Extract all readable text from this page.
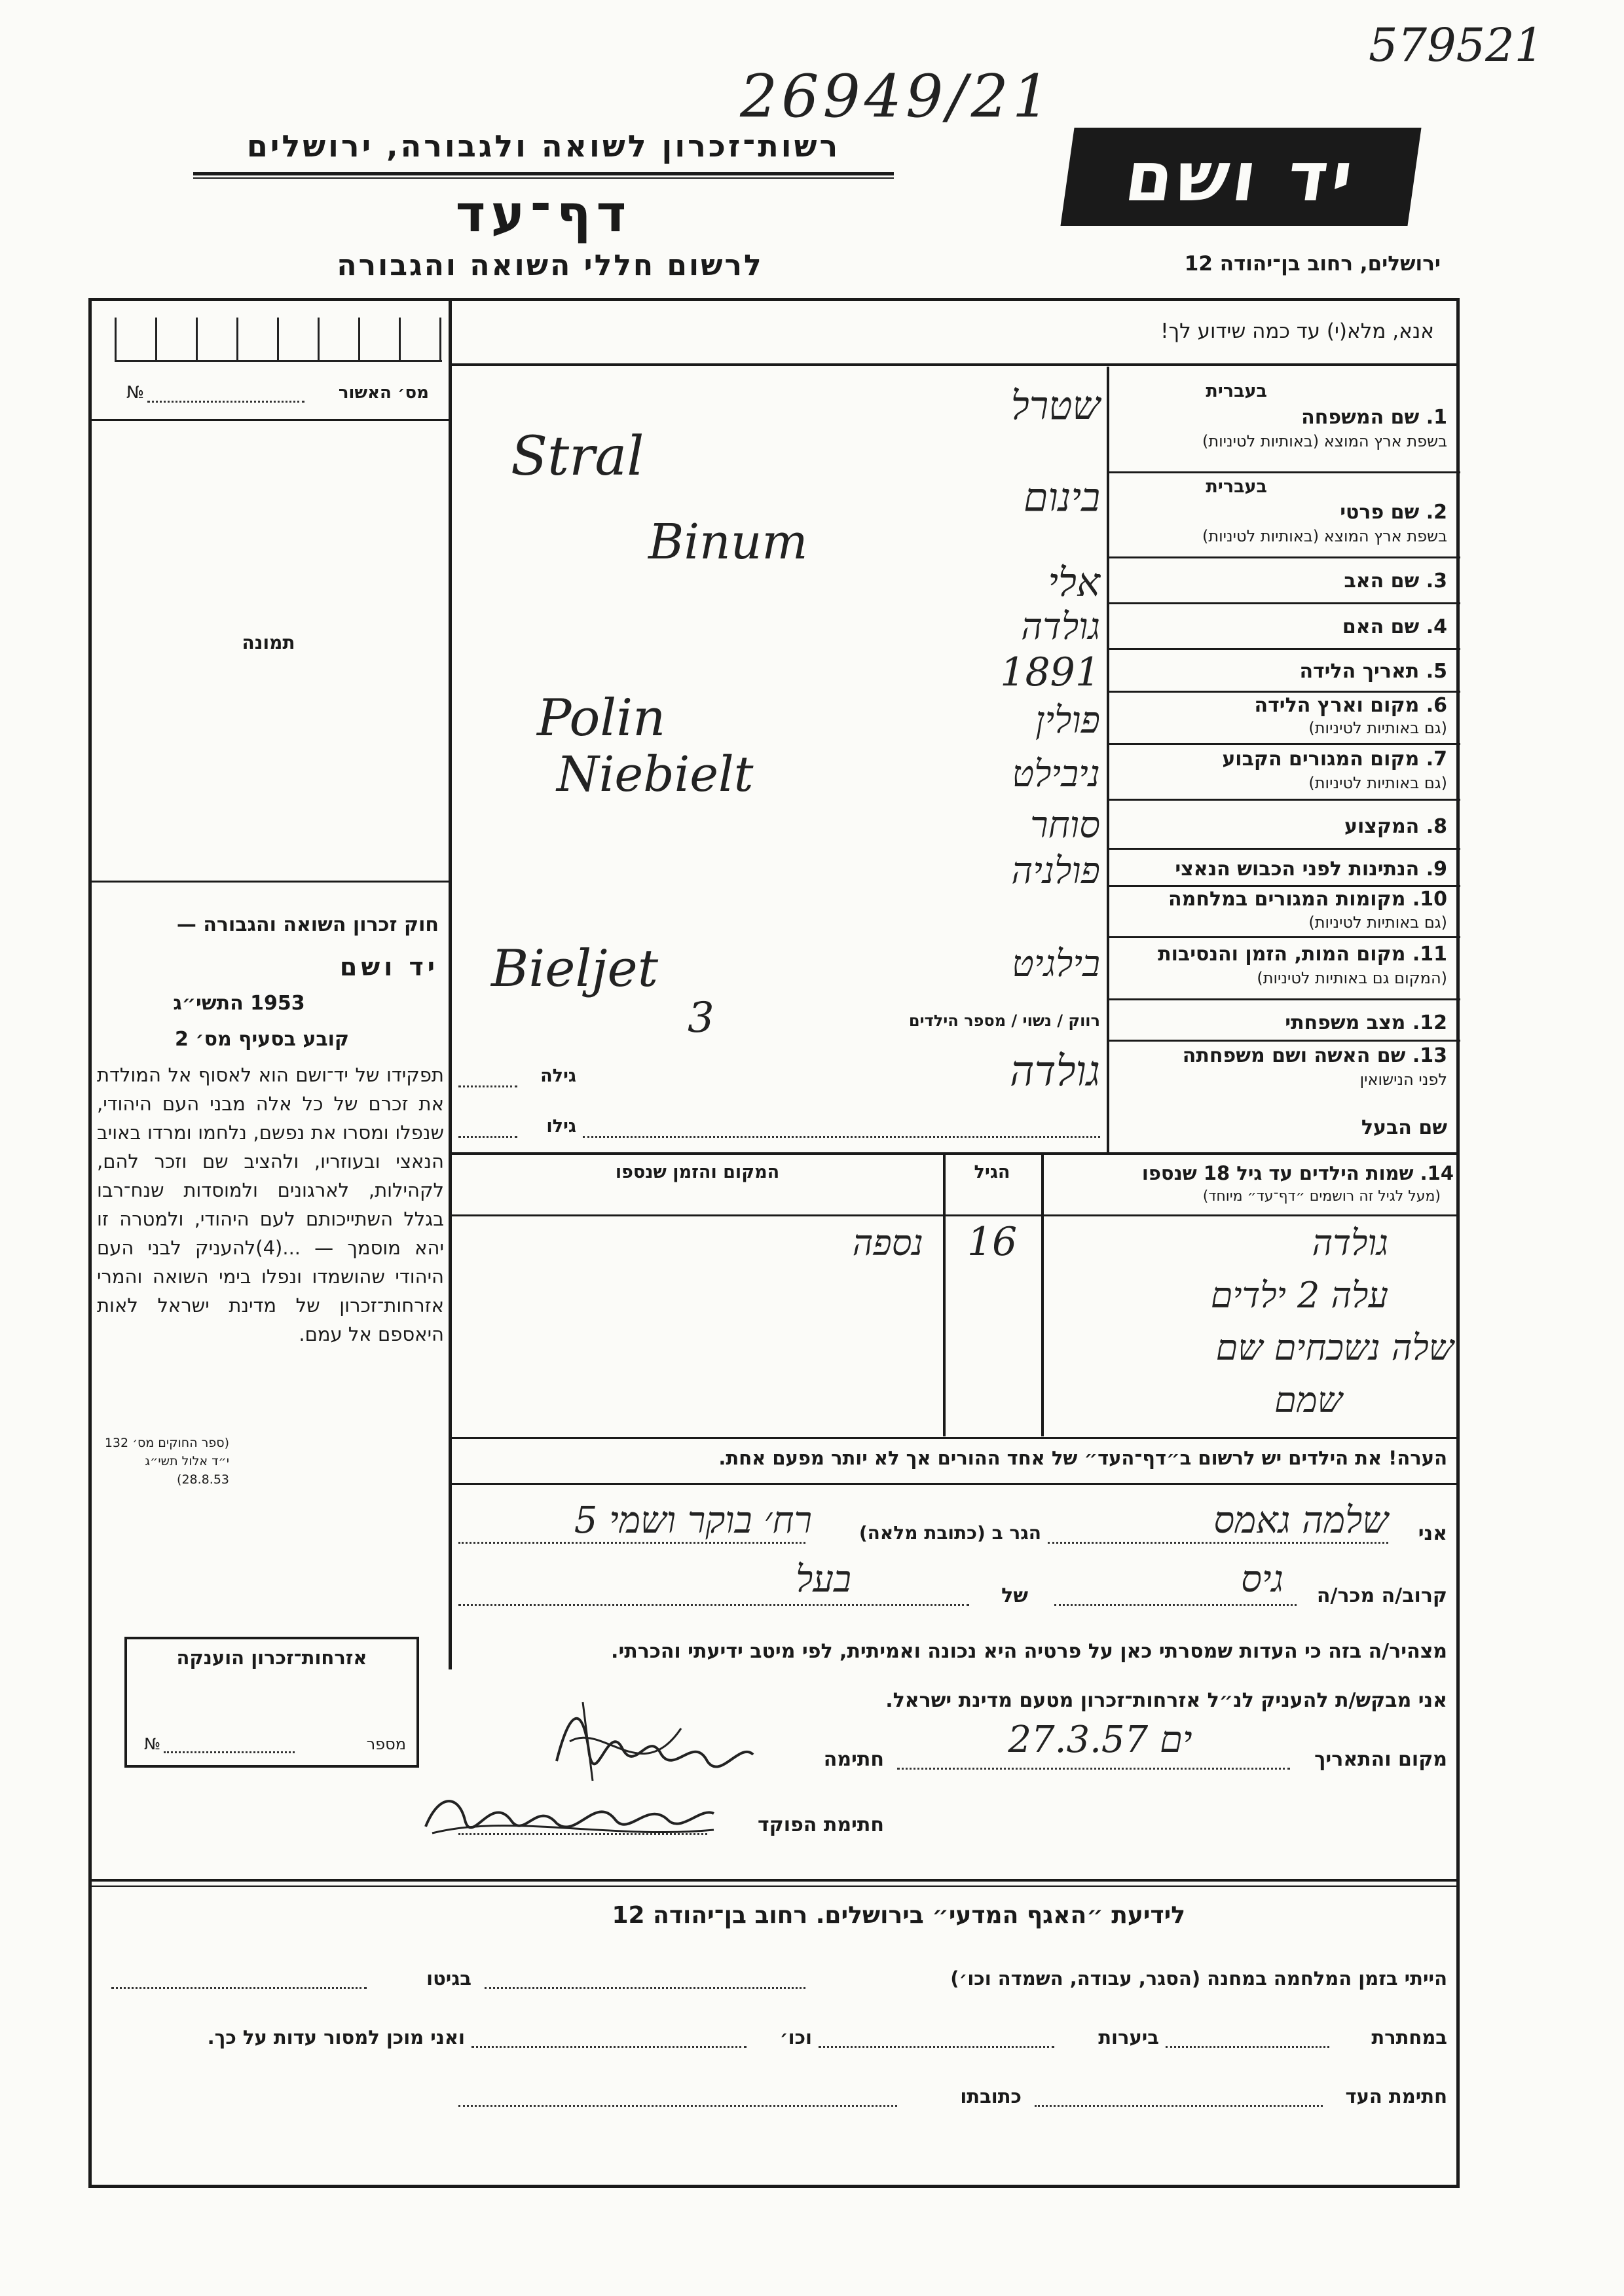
26949/21
579521
רשות־זכרון לשואה ולגבורה, ירושלים
דף־עד
לרשום חללי השואה והגבורה
יד ושם
ירושלים, רחוב בן־יהודה 12
אנא, מלא(י) עד כמה שידוע לך!
מס׳ האשור
№
תמונה
חוק זכרון השואה והגבורה —
יד ושם
1953 התשי״ג
קובע בסעיף מס׳ 2
תפקידו של יד־ושם הוא לאסוף אל המולדת את זכרם של כל אלה מבני העם היהודי, שנפלו ומסרו את נפשם, נלחמו ומרדו באויב הנאצי ובעוזריו, ולהציב שם וזכר להם, לקהילות, לארגונים ולמוסדות שנח־רבו בגלל השתייכותם לעם היהודי, ולמטרה זו יהא מוסמך — ...(4)להעניק לבני העם היהודי שהושמדו ונפלו בימי השואה והמרי אזרחות־זכרון של מדינת ישראל לאות היאספם אל עמם.
(ספר החוקים מס׳ 132 י״ד אלול תשי״ג 28.8.53)
אזרחות־זכרון הוענקה
מספר
№
בעברית
1. שם המשפחה
בשפת ארץ המוצא (באותיות לטיניות)
שטרל
Stral	בעברית
2. שם פרטי
בשפת ארץ המוצא (באותיות לטיניות)
בינום
Binum
3. שם האב
אלי
4. שם האם
גולדה
5. תאריך הלידה
1891
6. מקום וארץ הלידה
(גם באותיות לטיניות)
פולין
Polin
7. מקום המגורים הקבוע
(גם באותיות לטיניות)
ניבילט
Niebielt
8. המקצוע
סוחר
9. הנתינות לפני הכבוש הנאצי
פולניה
10. מקומות המגורים במלחמה
(גם באותיות לטיניות)
11. מקום המות, הזמן והנסיבות
(המקום גם באותיות לטיניות)
בילגיט
Bieljet
12. מצב משפחתי
רווק / נשוי / מספר הילדים
3
13. שם האשה ושם משפחתה
לפני הנישואין
גולדה
גילה
שם הבעל
גילו
14. שמות הילדים עד גיל 18 שנספו
(מעל לגיל זה רושמים ״דף־עד״ מיוחד)
הגיל
המקום והזמן שנספו
גולדה
16
נספה
עלה 2 ילדים
שלה נשכחים שם
שמם
הערה! את הילדים יש לרשום ב״דף־העד״ של אחד ההורים אך לא יותר מפעם אחת.
אני
שלמה גאמס
הגר ב (כתובת מלאה)
רח׳ בוקר ושמי 5
קרוב/ה מכר/ה
גיס
של
בעל
מצהיר/ה בזה כי העדות שמסרתי כאן על פרטיה היא נכונה ואמיתית, לפי מיטב ידיעתי והכרתי.
אני מבקש/ת להעניק לנ״ל אזרחות־זכרון מטעם מדינת ישראל.
מקום והתאריך
27.3.57 ים
חתימה
חתימת הפוקד
לידיעת ״האגף המדעי״ בירושלים. רחוב בן־יהודה 12
הייתי בזמן המלחמה במחנה (הסגר, עבודה, השמדה וכו׳)
בגיטו
במחתרת
ביערות
וכו׳
ואני מוכן למסור עדות על כך.
חתימת העד
כתובתו
